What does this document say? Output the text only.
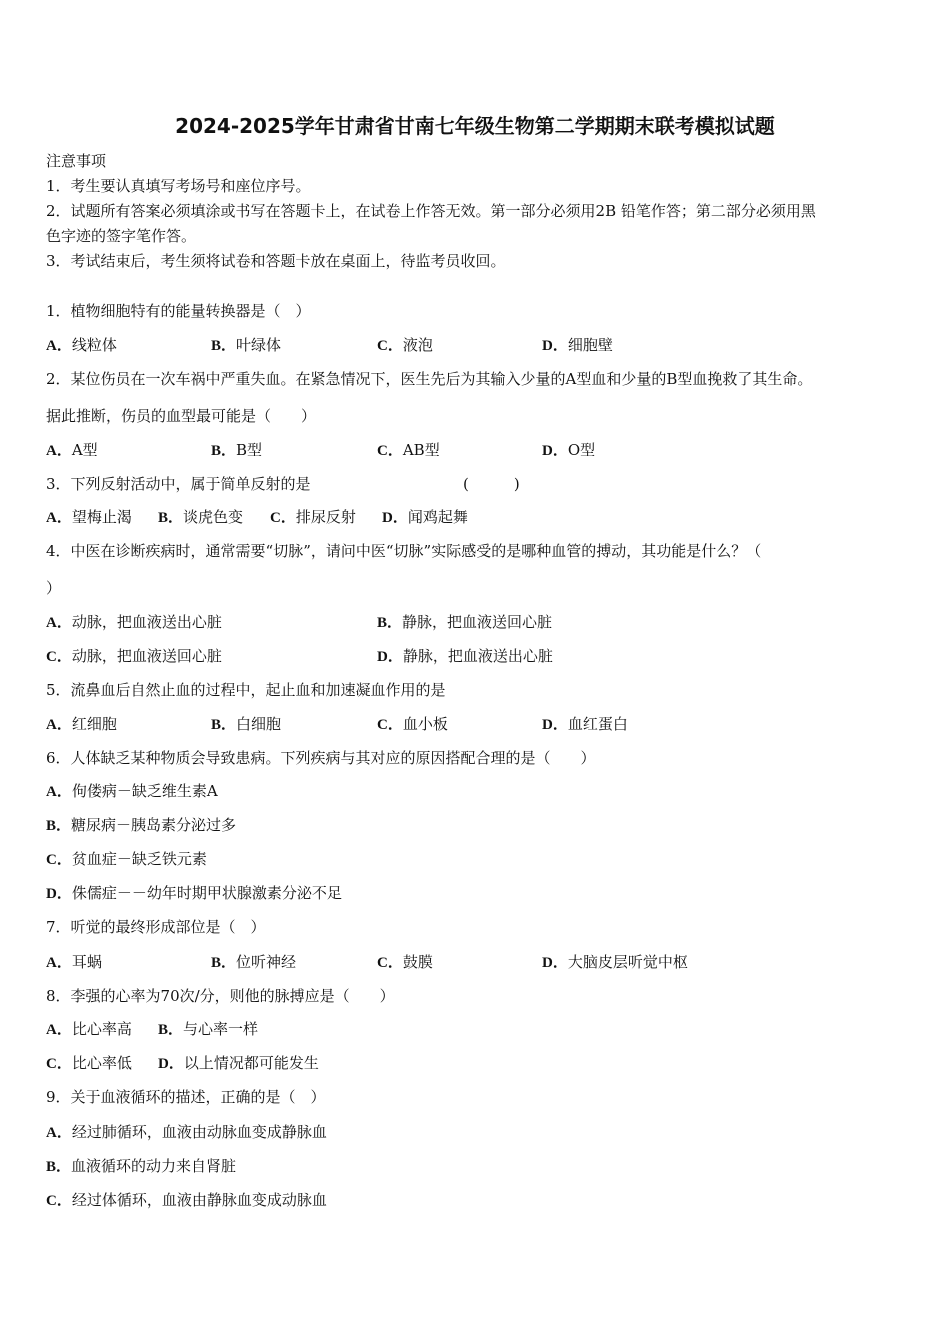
2024-2025学年甘肃省甘南七年级生物第二学期期末联考模拟试题
注意事项
1．考生要认真填写考场号和座位序号。
2．试题所有答案必须填涂或书写在答题卡上，在试卷上作答无效。第一部分必须用2B 铅笔作答；第二部分必须用黑
色字迹的签字笔作答。
3．考试结束后，考生须将试卷和答题卡放在桌面上，待监考员收回。
1．植物细胞特有的能量转换器是（　）
A．线粒体	B．叶绿体	C．液泡	D．细胞壁
2．某位伤员在一次车祸中严重失血。在紧急情况下，医生先后为其输入少量的A型血和少量的B型血挽救了其生命。
据此推断，伤员的血型最可能是（　　）
A．A型	B．B型	C．AB型	D．O型
3．下列反射活动中，属于简单反射的是	(　　　)
A．望梅止渴 B．谈虎色变 C．排尿反射 D．闻鸡起舞
4．中医在诊断疾病时，通常需要“切脉”，请问中医“切脉”实际感受的是哪种血管的搏动，其功能是什么？（
）
A．动脉，把血液送出心脏	B．静脉，把血液送回心脏
C．动脉，把血液送回心脏	D．静脉，把血液送出心脏
5．流鼻血后自然止血的过程中，起止血和加速凝血作用的是
A．红细胞	B．白细胞	C．血小板	D．血红蛋白
6．人体缺乏某种物质会导致患病。下列疾病与其对应的原因搭配合理的是（　　）
A．佝偻病－缺乏维生素A
B．糖尿病－胰岛素分泌过多
C．贫血症－缺乏铁元素
D．侏儒症－－幼年时期甲状腺激素分泌不足
7．听觉的最终形成部位是（　）
A．耳蜗	B．位听神经	C．鼓膜	D．大脑皮层听觉中枢
8．李强的心率为70次/分，则他的脉搏应是（　　）
A．比心率高 B．与心率一样
C．比心率低 D．以上情况都可能发生
9．关于血液循环的描述，正确的是（　）
A．经过肺循环，血液由动脉血变成静脉血
B．血液循环的动力来自肾脏
C．经过体循环，血液由静脉血变成动脉血
